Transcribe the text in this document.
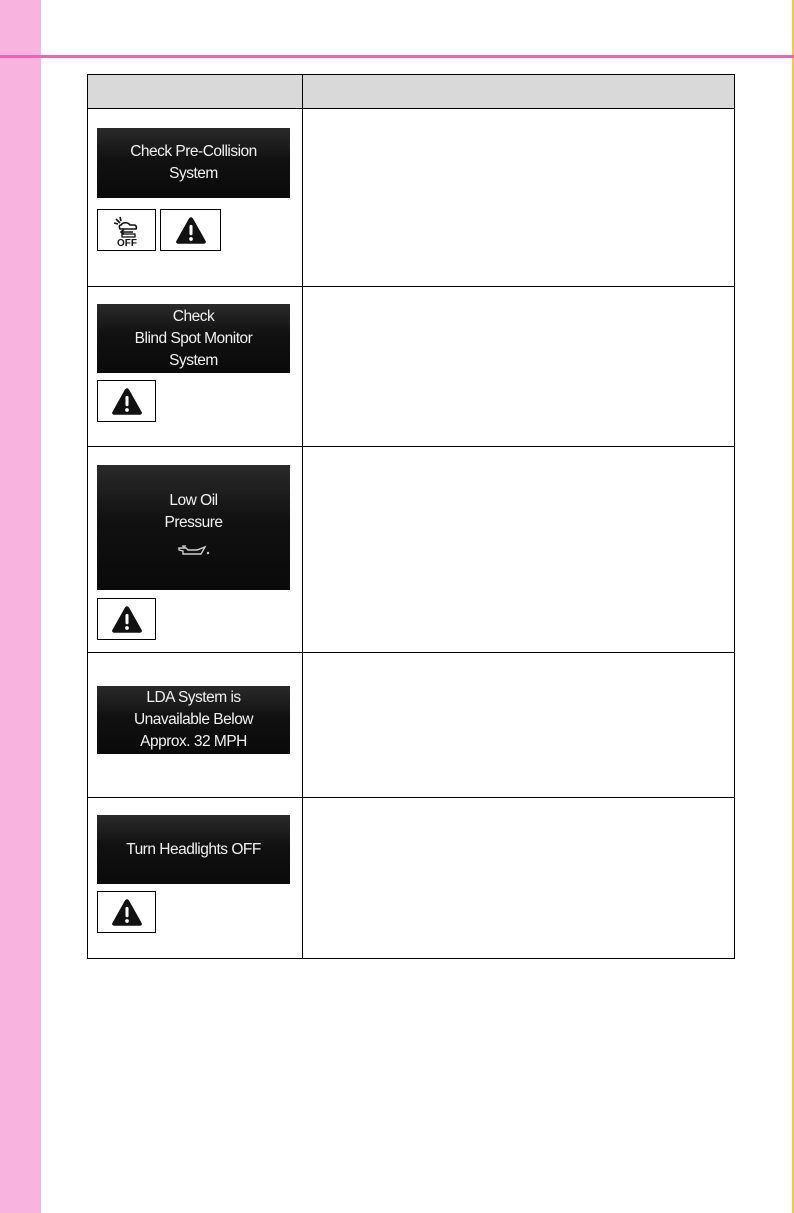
Check Pre-Collision
System
OFF	

Check
Blind Spot Monitor
System	

Low Oil
Pressure	

LDA System is
Unavailable Below
Approx. 32 MPH	

Turn Headlights OFF	
